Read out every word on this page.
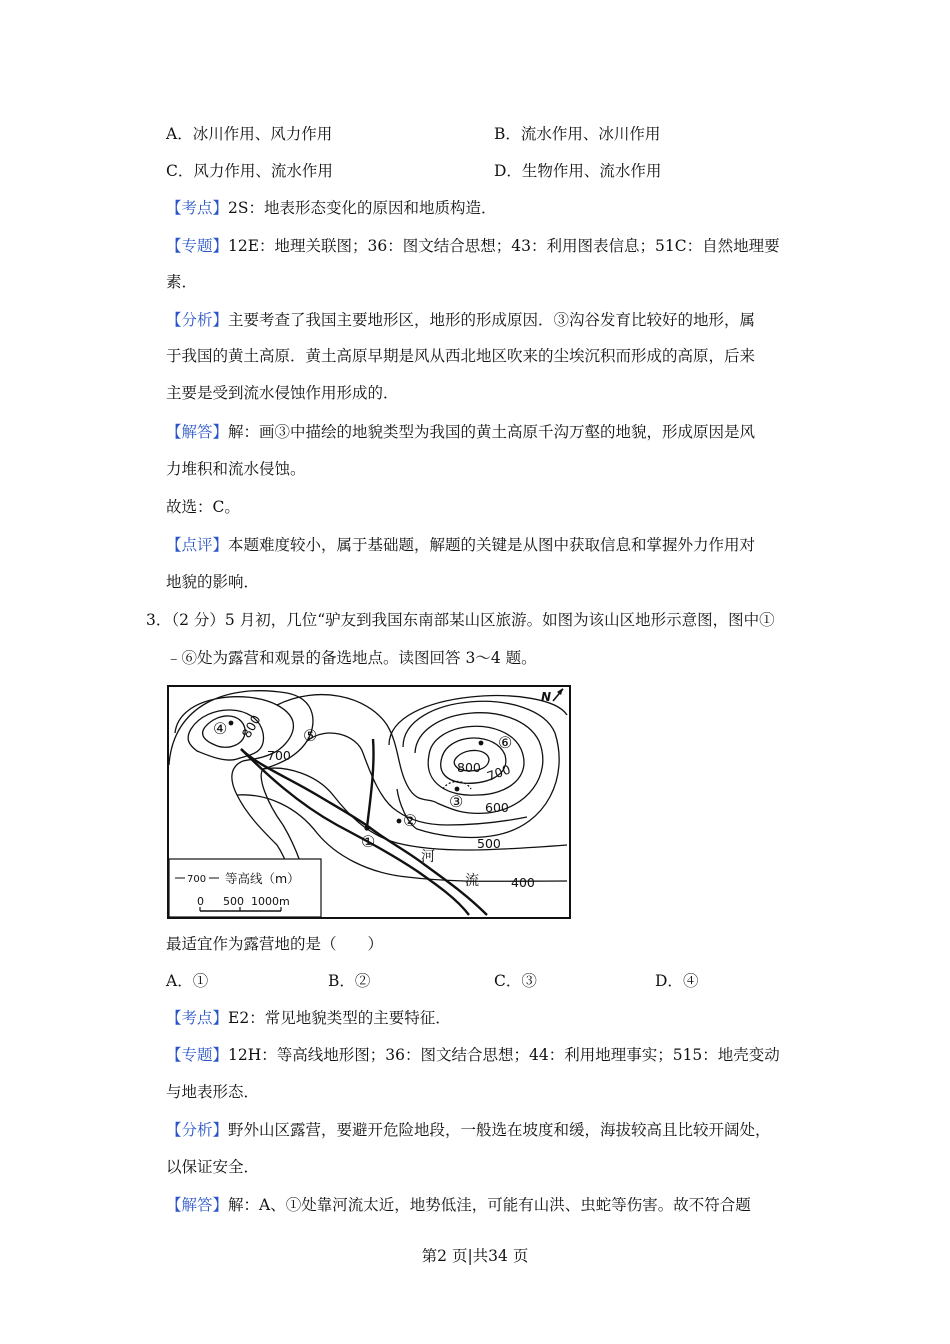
A．冰川作用、风力作用	B．流水作用、冰川作用
C．风力作用、流水作用	D．生物作用、流水作用
【考点】2S：地表形态变化的原因和地质构造．
【专题】12E：地理关联图；36：图文结合思想；43：利用图表信息；51C：自然地理要
素．
【分析】主要考查了我国主要地形区，地形的形成原因．③沟谷发育比较好的地形，属
于我国的黄土高原．黄土高原早期是风从西北地区吹来的尘埃沉积而形成的高原，后来
主要是受到流水侵蚀作用形成的．
【解答】解：画③中描绘的地貌类型为我国的黄土高原千沟万壑的地貌，形成原因是风
力堆积和流水侵蚀。
故选：C。
【点评】本题难度较小，属于基础题，解题的关键是从图中获取信息和掌握外力作用对
地貌的影响．
3．（2 分）5 月初，几位“驴友到我国东南部某山区旅游。如图为该山区地形示意图，图中①
﹣⑥处为露营和观景的备选地点。读图回答 3～4 题。
④	⑤	⑥
③
②
①
800
700
800 700
600
500
400
河
流
N
700 等高线（m）
0 500 1000m
最适宜作为露营地的是（　　）
A．①	B．②	C．③	D．④
【考点】E2：常见地貌类型的主要特征．
【专题】12H：等高线地形图；36：图文结合思想；44：利用地理事实；515：地壳变动
与地表形态．
【分析】野外山区露营，要避开危险地段，一般选在坡度和缓，海拔较高且比较开阔处，
以保证安全．
【解答】解：A、①处靠河流太近，地势低洼，可能有山洪、虫蛇等伤害。故不符合题
第2 页|共34 页
